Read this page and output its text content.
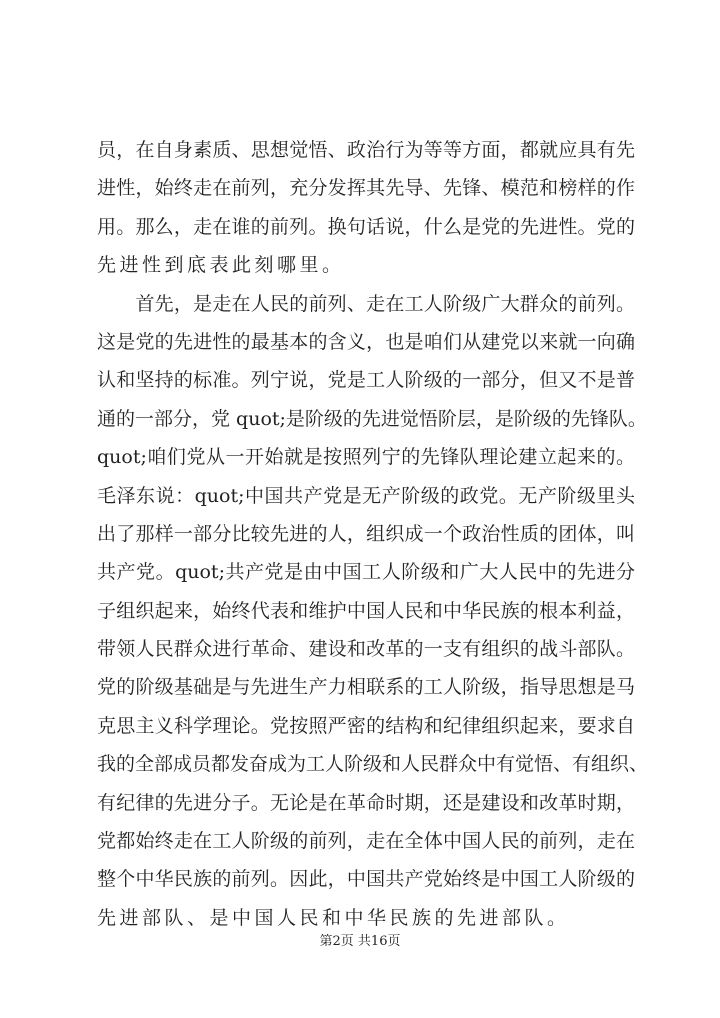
员，在自身素质、思想觉悟、政治行为等等方面，都就应具有先
进性，始终走在前列，充分发挥其先导、先锋、模范和榜样的作
用。那么，走在谁的前列。换句话说，什么是党的先进性。党的
先进性到底表此刻哪里。
　　首先，是走在人民的前列、走在工人阶级广大群众的前列。
这是党的先进性的最基本的含义，也是咱们从建党以来就一向确
认和坚持的标准。列宁说，党是工人阶级的一部分，但又不是普
通的一部分，党 quot;是阶级的先进觉悟阶层，是阶级的先锋队。
quot;咱们党从一开始就是按照列宁的先锋队理论建立起来的。
毛泽东说：quot;中国共产党是无产阶级的政党。无产阶级里头
出了那样一部分比较先进的人，组织成一个政治性质的团体，叫
共产党。quot;共产党是由中国工人阶级和广大人民中的先进分
子组织起来，始终代表和维护中国人民和中华民族的根本利益，
带领人民群众进行革命、建设和改革的一支有组织的战斗部队。
党的阶级基础是与先进生产力相联系的工人阶级，指导思想是马
克思主义科学理论。党按照严密的结构和纪律组织起来，要求自
我的全部成员都发奋成为工人阶级和人民群众中有觉悟、有组织、
有纪律的先进分子。无论是在革命时期，还是建设和改革时期，
党都始终走在工人阶级的前列，走在全体中国人民的前列，走在
整个中华民族的前列。因此，中国共产党始终是中国工人阶级的
先进部队、是中国人民和中华民族的先进部队。
第2页 共16页
